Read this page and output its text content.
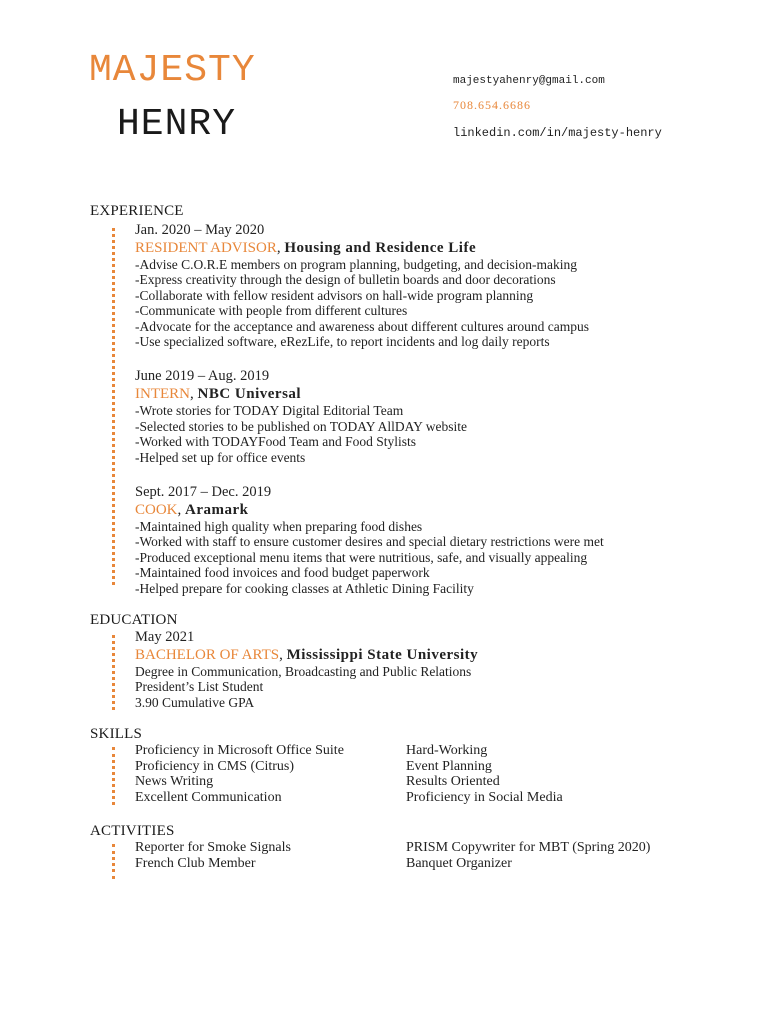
MAJESTY
HENRY
majestyahenry@gmail.com
708.654.6686
linkedin.com/in/majesty-henry
EXPERIENCE
Jan. 2020 – May 2020
RESIDENT ADVISOR, Housing and Residence Life
-Advise C.O.R.E members on program planning, budgeting, and decision-making
-Express creativity through the design of bulletin boards and door decorations
-Collaborate with fellow resident advisors on hall-wide program planning
-Communicate with people from different cultures
-Advocate for the acceptance and awareness about different cultures around campus
-Use specialized software, eRezLife, to report incidents and log daily reports
June 2019 – Aug. 2019
INTERN, NBC Universal
-Wrote stories for TODAY Digital Editorial Team
-Selected stories to be published on TODAY AllDAY website
-Worked with TODAYFood Team and Food Stylists
-Helped set up for office events
Sept. 2017 – Dec. 2019
COOK, Aramark
-Maintained high quality when preparing food dishes
-Worked with staff to ensure customer desires and special dietary restrictions were met
-Produced exceptional menu items that were nutritious, safe, and visually appealing
-Maintained food invoices and food budget paperwork
-Helped prepare for cooking classes at Athletic Dining Facility
EDUCATION
May 2021
BACHELOR OF ARTS, Mississippi State University
Degree in Communication, Broadcasting and Public Relations
President’s List Student
3.90 Cumulative GPA
SKILLS
Proficiency in Microsoft Office Suite
Proficiency in CMS (Citrus)
News Writing
Excellent Communication
Hard-Working
Event Planning
Results Oriented
Proficiency in Social Media
ACTIVITIES
Reporter for Smoke Signals
French Club Member
PRISM Copywriter for MBT (Spring 2020)
Banquet Organizer
